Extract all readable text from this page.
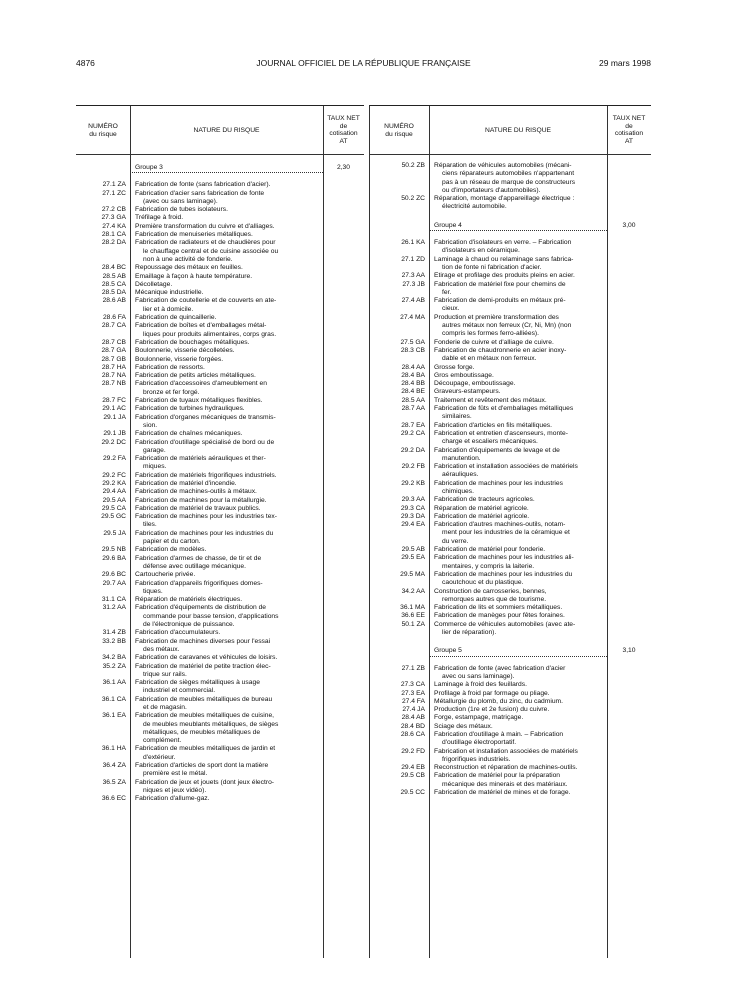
4876	JOURNAL OFFICIEL DE LA RÉPUBLIQUE FRANÇAISE	29 mars 1998
NUMÉRO
du risque
NATURE DU RISQUE
TAUX NET
de
cotisation
AT
Groupe 3	2,30
27.1 ZA	Fabrication de fonte (sans fabrication d'acier).
27.1 ZC	Fabrication d'acier sans fabrication de fonte
(avec ou sans laminage).
27.2 CB	Fabrication de tubes isolateurs.
27.3 GA	Tréfilage à froid.
27.4 KA	Première transformation du cuivre et d'alliages.
28.1 CA	Fabrication de menuiseries métalliques.
28.2 DA	Fabrication de radiateurs et de chaudières pour
le chauffage central et de cuisine associée ou
non à une activité de fonderie.
28.4 BC	Repoussage des métaux en feuilles.
28.5 AB	Emaillage à façon à haute température.
28.5 CA	Décolletage.
28.5 DA	Mécanique industrielle.
28.6 AB	Fabrication de coutellerie et de couverts en ate-
lier et à domicile.
28.6 FA	Fabrication de quincaillerie.
28.7 CA	Fabrication de boîtes et d'emballages métal-
liques pour produits alimentaires, corps gras.
28.7 CB	Fabrication de bouchages métalliques.
28.7 GA	Boulonnerie, visserie décolletées.
28.7 GB	Boulonnerie, visserie forgées.
28.7 HA	Fabrication de ressorts.
28.7 NA	Fabrication de petits articles métalliques.
28.7 NB	Fabrication d'accessoires d'ameublement en
bronze et fer forgé.
28.7 FC	Fabrication de tuyaux métalliques flexibles.
29.1 AC	Fabrication de turbines hydrauliques.
29.1 JA	Fabrication d'organes mécaniques de transmis-
sion.
29.1 JB	Fabrication de chaînes mécaniques.
29.2 DC	Fabrication d'outillage spécialisé de bord ou de
garage.
29.2 FA	Fabrication de matériels aérauliques et ther-
miques.
29.2 FC	Fabrication de matériels frigorifiques industriels.
29.2 KA	Fabrication de matériel d'incendie.
29.4 AA	Fabrication de machines-outils à métaux.
29.5 AA	Fabrication de machines pour la métallurgie.
29.5 CA	Fabrication de matériel de travaux publics.
29.5 GC	Fabrication de machines pour les industries tex-
tiles.
29.5 JA	Fabrication de machines pour les industries du
papier et du carton.
29.5 NB	Fabrication de modèles.
29.6 BA	Fabrication d'armes de chasse, de tir et de
défense avec outillage mécanique.
29.6 BC	Cartoucherie privée.
29.7 AA	Fabrication d'appareils frigorifiques domes-
tiques.
31.1 CA	Réparation de matériels électriques.
31.2 AA	Fabrication d'équipements de distribution de
commande pour basse tension, d'applications
de l'électronique de puissance.
31.4 ZB	Fabrication d'accumulateurs.
33.2 BB	Fabrication de machines diverses pour l'essai
des métaux.
34.2 BA	Fabrication de caravanes et véhicules de loisirs.
35.2 ZA	Fabrication de matériel de petite traction élec-
trique sur rails.
36.1 AA	Fabrication de sièges métalliques à usage
industriel et commercial.
36.1 CA	Fabrication de meubles métalliques de bureau
et de magasin.
36.1 EA	Fabrication de meubles métalliques de cuisine,
de meubles meublants métalliques, de sièges
métalliques, de meubles métalliques de
complément.
36.1 HA	Fabrication de meubles métalliques de jardin et
d'extérieur.
36.4 ZA	Fabrication d'articles de sport dont la matière
première est le métal.
36.5 ZA	Fabrication de jeux et jouets (dont jeux électro-
niques et jeux vidéo).
36.6 EC	Fabrication d'allume-gaz.
NUMÉRO
du risque
NATURE DU RISQUE
TAUX NET
de
cotisation
AT
50.2 ZB	Réparation de véhicules automobiles (mécani-
ciens réparateurs automobiles n'appartenant
pas à un réseau de marque de constructeurs
ou d'importateurs d'automobiles).
50.2 ZC	Réparation, montage d'appareillage électrique :
électricité automobile.
Groupe 4	3,00
26.1 KA	Fabrication d'isolateurs en verre. – Fabrication
d'isolateurs en céramique.
27.1 ZD	Laminage à chaud ou relaminage sans fabrica-
tion de fonte ni fabrication d'acier.
27.3 AA	Etirage et profilage des produits pleins en acier.
27.3 JB	Fabrication de matériel fixe pour chemins de
fer.
27.4 AB	Fabrication de demi-produits en métaux pré-
cieux.
27.4 MA	Production et première transformation des
autres métaux non ferreux (Cr, Ni, Mn) (non
compris les formes ferro-alliées).
27.5 GA	Fonderie de cuivre et d'alliage de cuivre.
28.3 CB	Fabrication de chaudronnerie en acier inoxy-
dable et en métaux non ferreux.
28.4 AA	Grosse forge.
28.4 BA	Gros emboutissage.
28.4 BB	Découpage, emboutissage.
28.4 BE	Graveurs-estampeurs.
28.5 AA	Traitement et revêtement des métaux.
28.7 AA	Fabrication de fûts et d'emballages métalliques
similaires.
28.7 EA	Fabrication d'articles en fils métalliques.
29.2 CA	Fabrication et entretien d'ascenseurs, monte-
charge et escaliers mécaniques.
29.2 DA	Fabrication d'équipements de levage et de
manutention.
29.2 FB	Fabrication et installation associées de matériels
aérauliques.
29.2 KB	Fabrication de machines pour les industries
chimiques.
29.3 AA	Fabrication de tracteurs agricoles.
29.3 CA	Réparation de matériel agricole.
29.3 DA	Fabrication de matériel agricole.
29.4 EA	Fabrication d'autres machines-outils, notam-
ment pour les industries de la céramique et
du verre.
29.5 AB	Fabrication de matériel pour fonderie.
29.5 EA	Fabrication de machines pour les industries ali-
mentaires, y compris la laiterie.
29.5 MA	Fabrication de machines pour les industries du
caoutchouc et du plastique.
34.2 AA	Construction de carrosseries, bennes,
remorques autres que de tourisme.
36.1 MA	Fabrication de lits et sommiers métalliques.
36.6 EE	Fabrication de manèges pour fêtes foraines.
50.1 ZA	Commerce de véhicules automobiles (avec ate-
lier de réparation).
Groupe 5	3,10
27.1 ZB	Fabrication de fonte (avec fabrication d'acier
avec ou sans laminage).
27.3 CA	Laminage à froid des feuillards.
27.3 EA	Profilage à froid par formage ou pliage.
27.4 FA	Métallurgie du plomb, du zinc, du cadmium.
27.4 JA	Production (1re et 2e fusion) du cuivre.
28.4 AB	Forge, estampage, matriçage.
28.4 BD	Sciage des métaux.
28.6 CA	Fabrication d'outillage à main. – Fabrication
d'outillage électroportatif.
29.2 FD	Fabrication et installation associées de matériels
frigorifiques industriels.
29.4 EB	Reconstruction et réparation de machines-outils.
29.5 CB	Fabrication de matériel pour la préparation
mécanique des minerais et des matériaux.
29.5 CC	Fabrication de matériel de mines et de forage.
